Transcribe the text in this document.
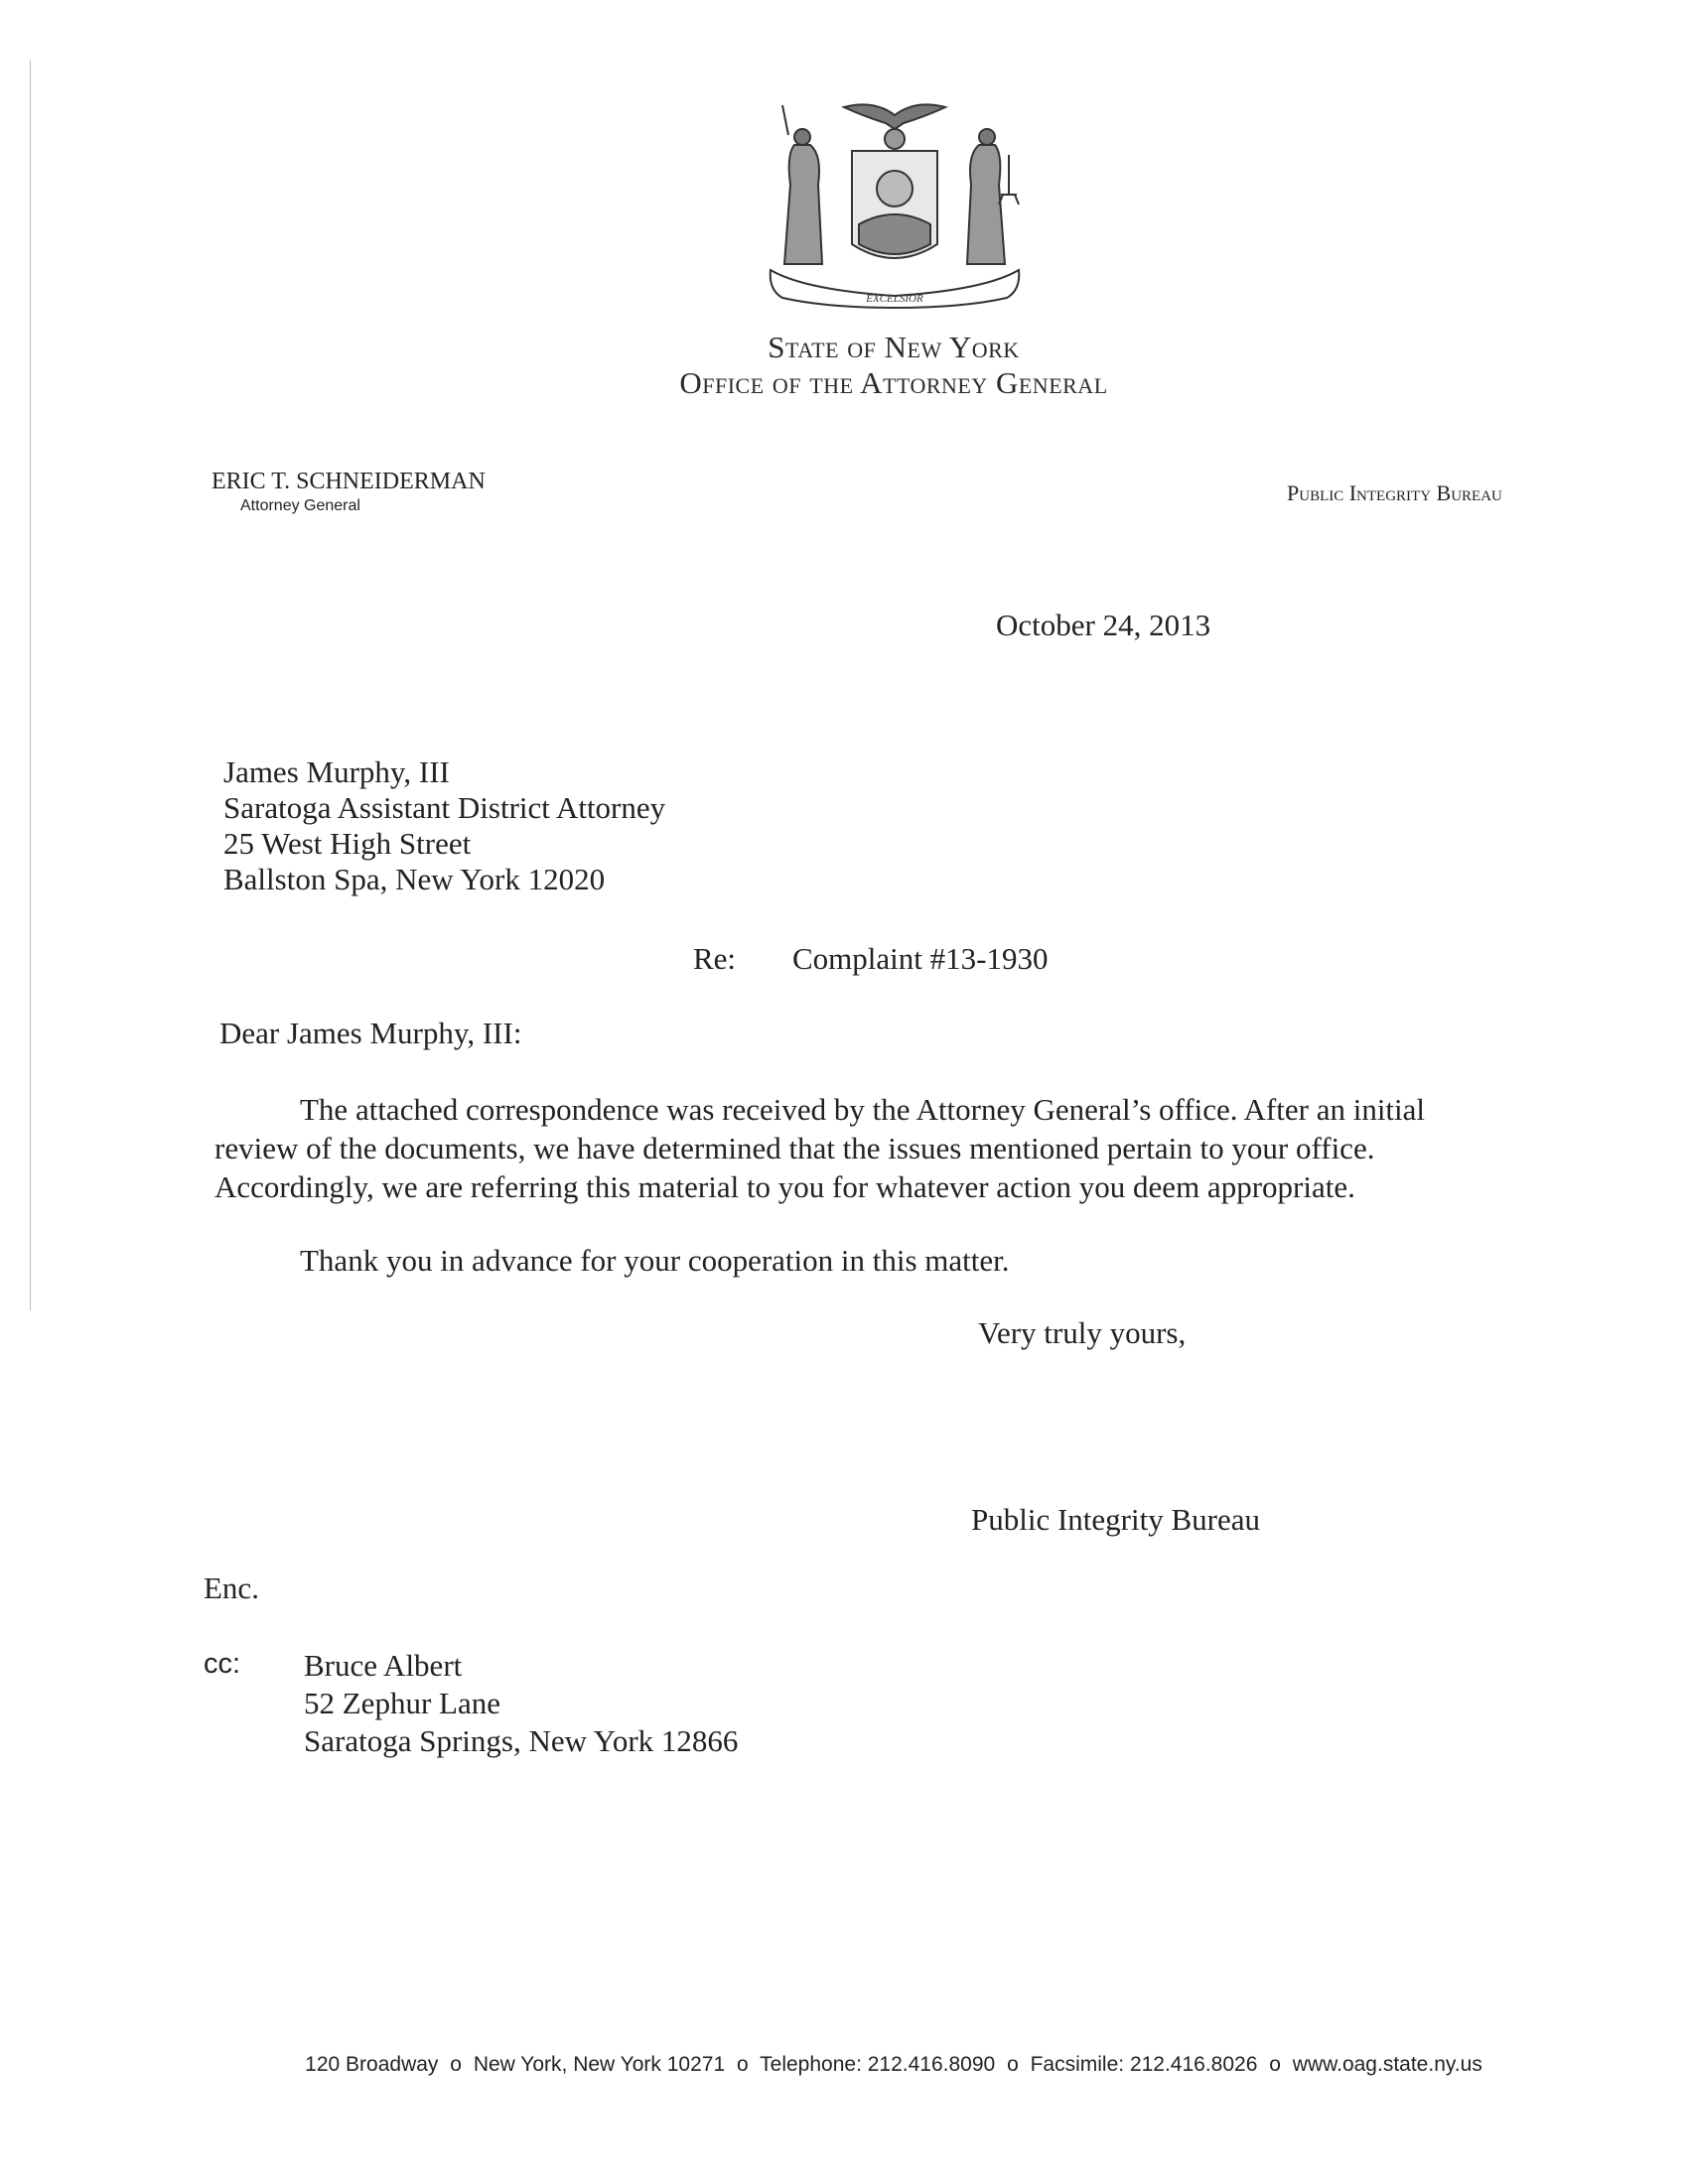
EXCELSIOR
State of New York
Office of the Attorney General
ERIC T. SCHNEIDERMAN
Attorney General
Public Integrity Bureau
October 24, 2013
James Murphy, III
Saratoga Assistant District Attorney
25 West High Street
Ballston Spa, New York 12020
Re: Complaint #13-1930
Dear James Murphy, III:
The attached correspondence was received by the Attorney General’s office. After an initial review of the documents, we have determined that the issues mentioned pertain to your office. Accordingly, we are referring this material to you for whatever action you deem appropriate.
Thank you in advance for your cooperation in this matter.
Very truly yours,
Public Integrity Bureau
Enc.
cc: Bruce Albert
52 Zephur Lane
Saratoga Springs, New York 12866
120 Broadway o New York, New York 10271 o Telephone: 212.416.8090 o Facsimile: 212.416.8026 o www.oag.state.ny.us
